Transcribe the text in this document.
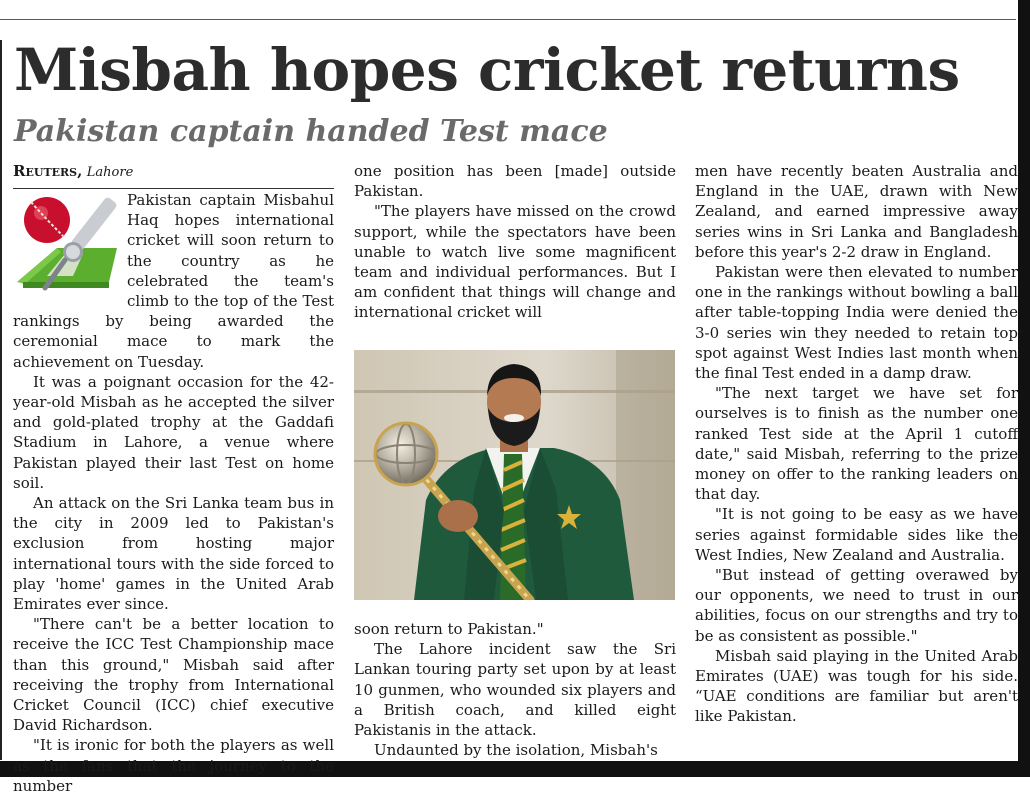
Misbah hopes cricket returns
Pakistan captain handed Test mace

Reuters, Lahore

Pakistan captain Misbahul Haq hopes international cricket will soon return to the country as he celebrated the team's climb to the top of the Test rankings by being awarded the ceremonial mace to mark the achievement on Tuesday.

It was a poignant occasion for the 42-year-old Misbah as he accepted the silver and gold-plated trophy at the Gaddafi Stadium in Lahore, a venue where Pakistan played their last Test on home soil.

An attack on the Sri Lanka team bus in the city in 2009 led to Pakistan's exclusion from hosting major international tours with the side forced to play 'home' games in the United Arab Emirates ever since.

"There can't be a better location to receive the ICC Test Championship mace than this ground," Misbah said after receiving the trophy from International Cricket Council (ICC) chief executive David Richardson.

"It is ironic for both the players as well as the fans that the journey to the number

one position has been [made] outside Pakistan.

"The players have missed on the crowd support, while the spectators have been unable to watch live some magnificent team and individual performances. But I am confident that things will change and international cricket will

soon return to Pakistan."

The Lahore incident saw the Sri Lankan touring party set upon by at least 10 gunmen, who wounded six players and a British coach, and killed eight Pakistanis in the attack.

Undaunted by the isolation, Misbah's

men have recently beaten Australia and England in the UAE, drawn with New Zealand, and earned impressive away series wins in Sri Lanka and Bangladesh before this year's 2-2 draw in England.

Pakistan were then elevated to number one in the rankings without bowling a ball after table-topping India were denied the 3-0 series win they needed to retain top spot against West Indies last month when the final Test ended in a damp draw.

"The next target we have set for ourselves is to finish as the number one ranked Test side at the April 1 cutoff date," said Misbah, referring to the prize money on offer to the ranking leaders on that day.

"It is not going to be easy as we have series against formidable sides like the West Indies, New Zealand and Australia.

"But instead of getting overawed by our opponents, we need to trust in our abilities, focus on our strengths and try to be as consistent as possible."

Misbah said playing in the United Arab Emirates (UAE) was tough for his side. “UAE conditions are familiar but aren't like Pakistan.
